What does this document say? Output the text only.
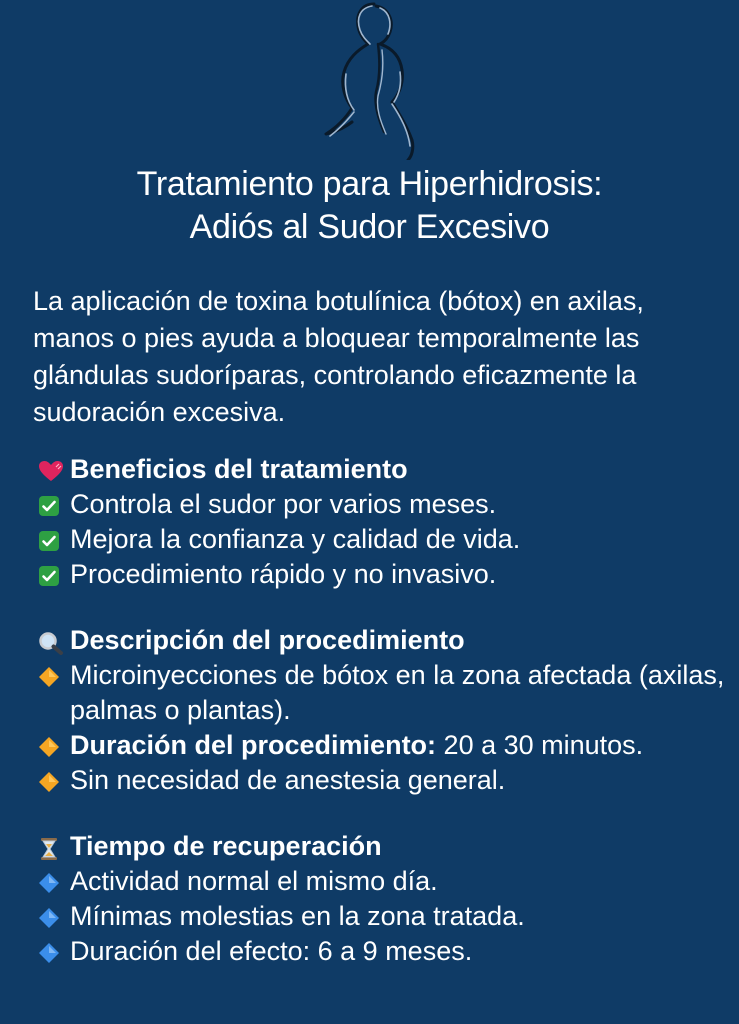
Tratamiento para Hiperhidrosis:
Adiós al Sudor Excesivo
La aplicación de toxina botulínica (bótox) en axilas, manos o pies ayuda a bloquear temporalmente las glándulas sudoríparas, controlando eficazmente la sudoración excesiva.
Beneficios del tratamiento
Controla el sudor por varios meses.
Mejora la confianza y calidad de vida.
Procedimiento rápido y no invasivo.
Descripción del procedimiento
Microinyecciones de bótox en la zona afectada (axilas, palmas o plantas).
Duración del procedimiento: 20 a 30 minutos.
Sin necesidad de anestesia general.
Tiempo de recuperación
Actividad normal el mismo día.
Mínimas molestias en la zona tratada.
Duración del efecto: 6 a 9 meses.
